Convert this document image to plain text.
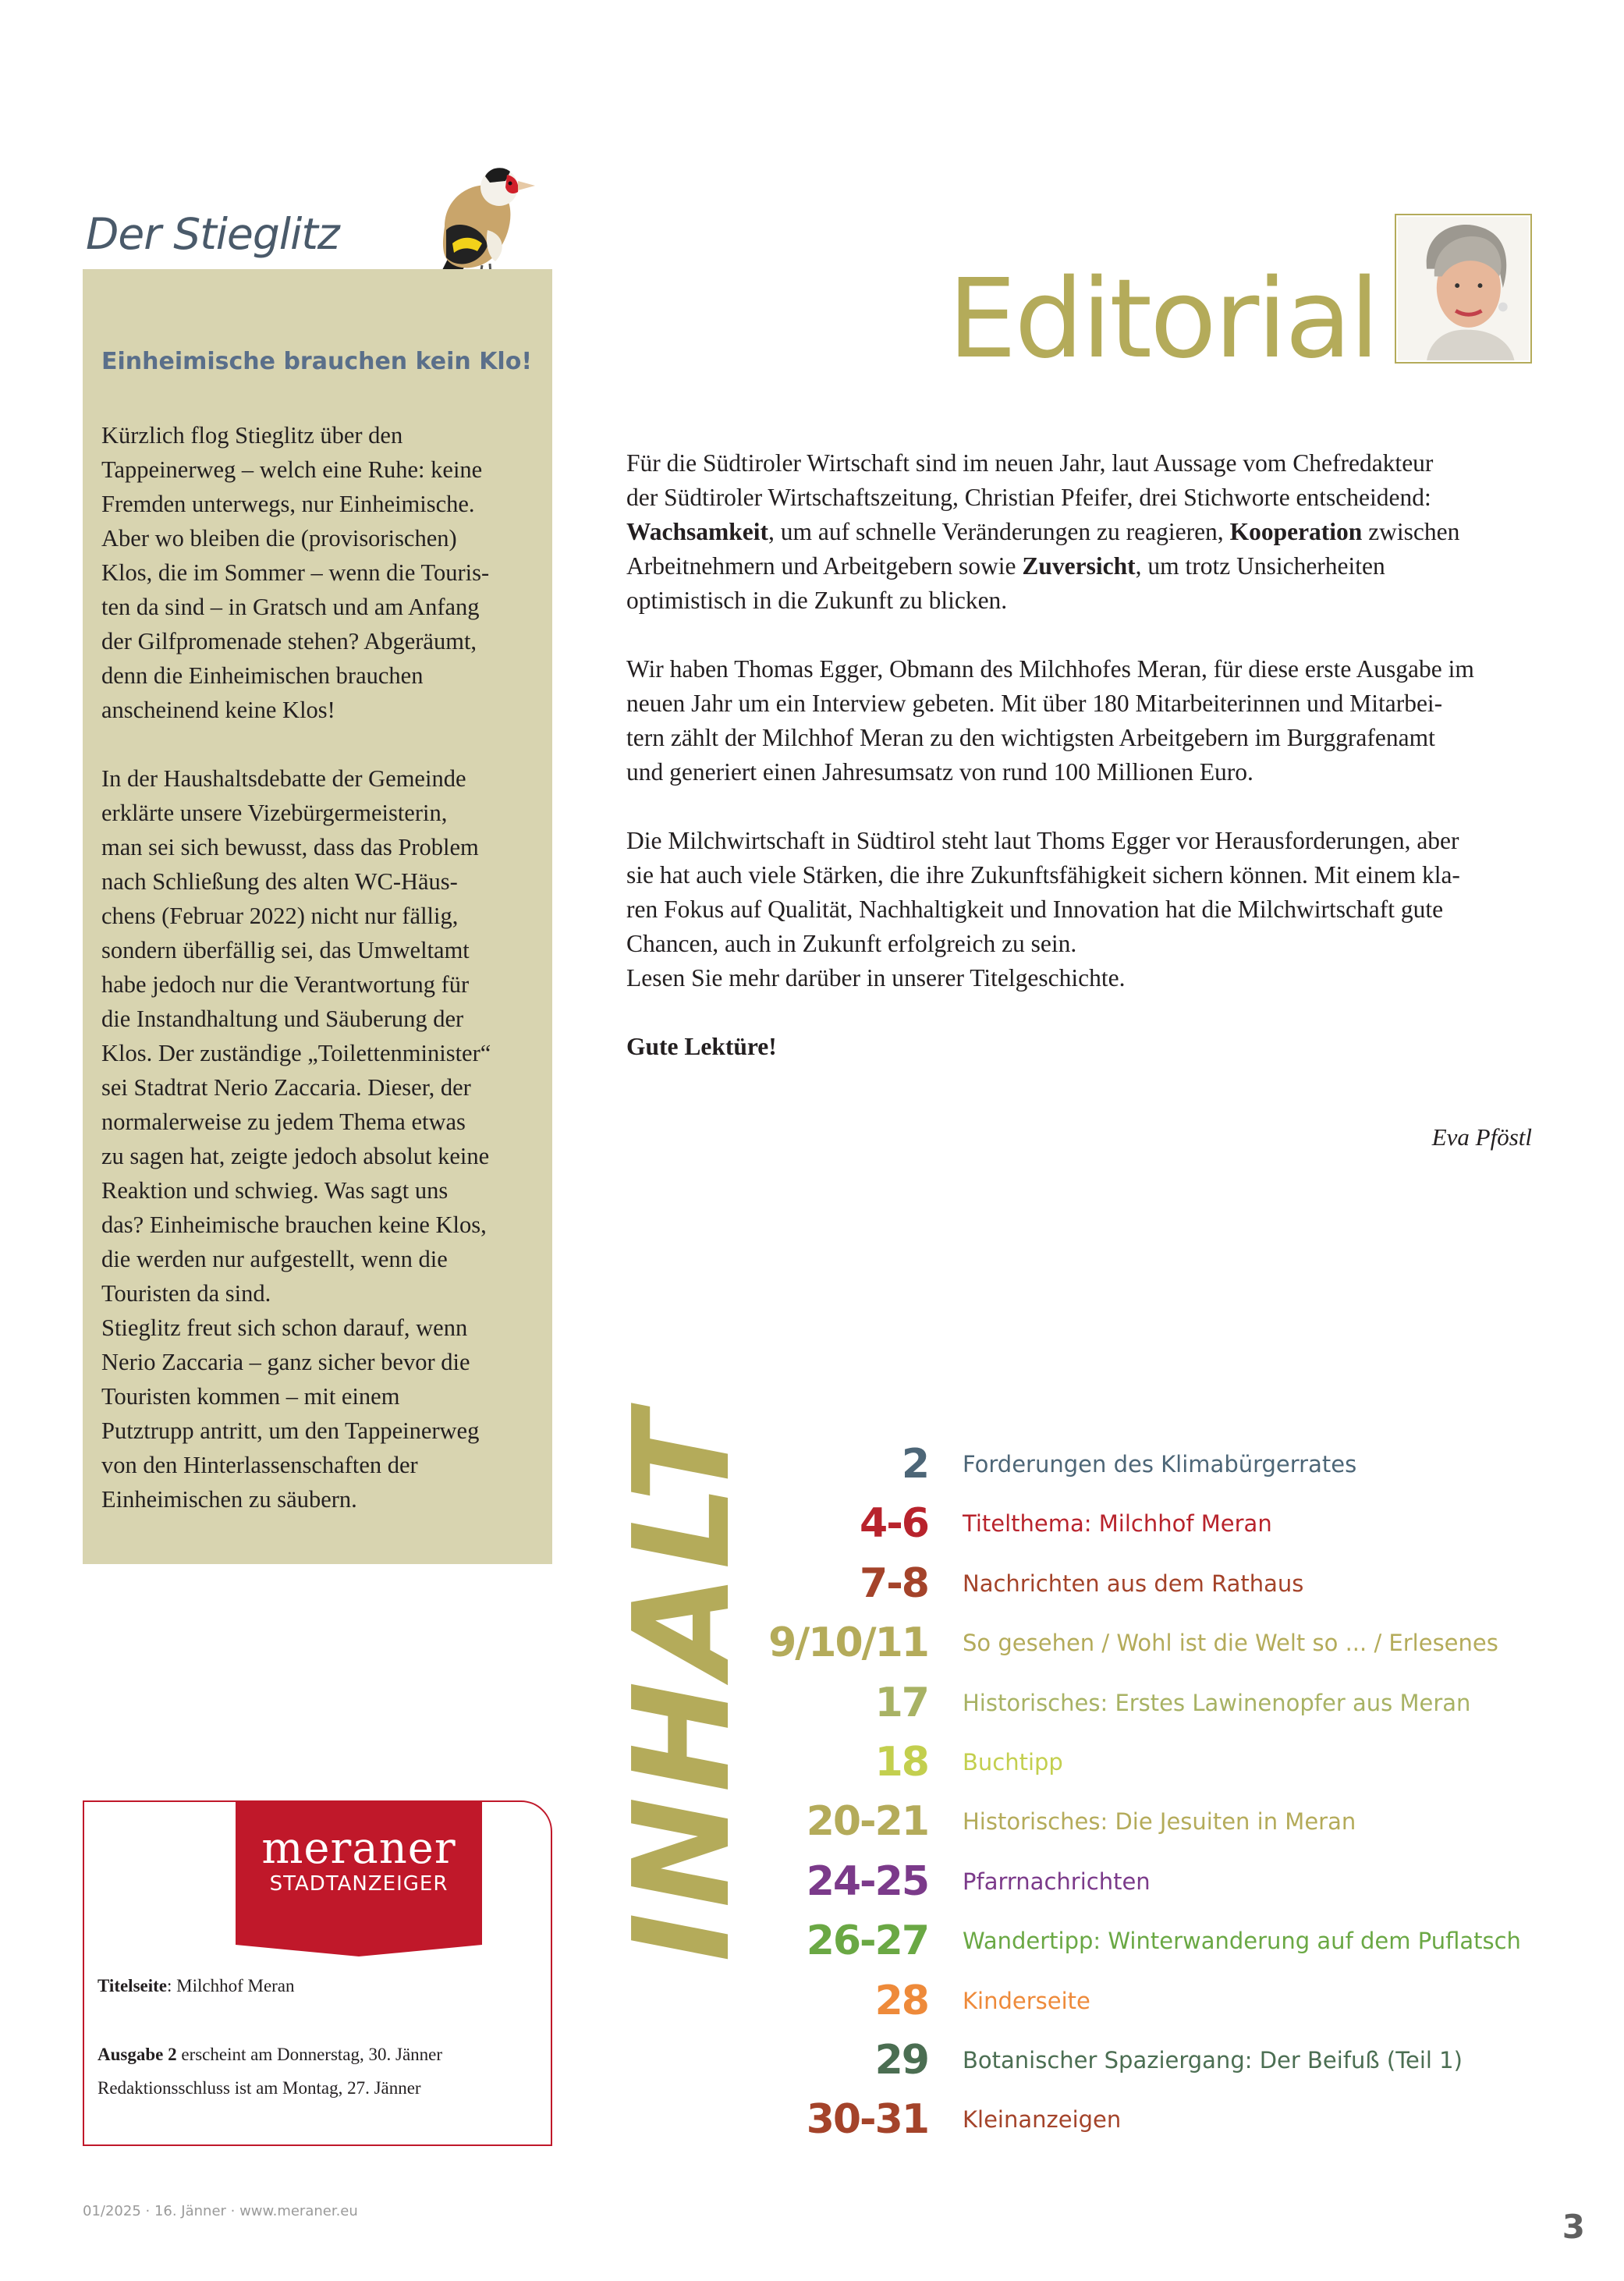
Der Stieglitz
Einheimische brauchen kein Klo!

Kürzlich flog Stieglitz über den

Tappeinerweg – welch eine Ruhe: keine

Fremden unterwegs, nur Einheimische.

Aber wo bleiben die (provisorischen)

Klos, die im Sommer – wenn die Touris-

ten da sind – in Gratsch und am Anfang

der Gilfpromenade stehen? Abgeräumt,

denn die Einheimischen brauchen

anscheinend keine Klos!

In der Haushaltsdebatte der Gemeinde

erklärte unsere Vizebürgermeisterin,

man sei sich bewusst, dass das Problem

nach Schließung des alten WC-Häus-

chens (Februar 2022) nicht nur fällig,

sondern überfällig sei, das Umweltamt

habe jedoch nur die Verantwortung für

die Instandhaltung und Säuberung der

Klos. Der zuständige „Toilettenminister“

sei Stadtrat Nerio Zaccaria. Dieser, der

normalerweise zu jedem Thema etwas

zu sagen hat, zeigte jedoch absolut keine

Reaktion und schwieg. Was sagt uns

das? Einheimische brauchen keine Klos,

die werden nur aufgestellt, wenn die

Touristen da sind.

Stieglitz freut sich schon darauf, wenn

Nerio Zaccaria – ganz sicher bevor die

Touristen kommen – mit einem

Putztrupp antritt, um den Tappeinerweg

von den Hinterlassenschaften der

Einheimischen zu säubern.

Editorial

Für die Südtiroler Wirtschaft sind im neuen Jahr, laut Aussage vom Chefredakteur

der Südtiroler Wirtschaftszeitung, Christian Pfeifer, drei Stichworte entscheidend:

Wachsamkeit, um auf schnelle Veränderungen zu reagieren, Kooperation zwischen

Arbeitnehmern und Arbeitgebern sowie Zuversicht, um trotz Unsicherheiten

optimistisch in die Zukunft zu blicken.

Wir haben Thomas Egger, Obmann des Milchhofes Meran, für diese erste Ausgabe im

neuen Jahr um ein Interview gebeten. Mit über 180 Mitarbeiterinnen und Mitarbei-

tern zählt der Milchhof Meran zu den wichtigsten Arbeitgebern im Burggrafenamt

und generiert einen Jahresumsatz von rund 100 Millionen Euro.

Die Milchwirtschaft in Südtirol steht laut Thoms Egger vor Herausforderungen, aber

sie hat auch viele Stärken, die ihre Zukunftsfähigkeit sichern können. Mit einem kla-

ren Fokus auf Qualität, Nachhaltigkeit und Innovation hat die Milchwirtschaft gute

Chancen, auch in Zukunft erfolgreich zu sein.

Lesen Sie mehr darüber in unserer Titelgeschichte.

Gute Lektüre!
Eva Pföstl
INHALT	2 Forderungen des Klimabürgerrates
4-6 Titelthema: Milchhof Meran
7-8 Nachrichten aus dem Rathaus
9/10/11 So gesehen / Wohl ist die Welt so ... / Erlesenes
17 Historisches: Erstes Lawinenopfer aus Meran
18 Buchtipp
20-21 Historisches: Die Jesuiten in Meran
24-25 Pfarrnachrichten
26-27 Wandertipp: Winterwanderung auf dem Puflatsch
28 Kinderseite
29 Botanischer Spaziergang: Der Beifuß (Teil 1)
30-31 Kleinanzeigen
meraner
STADTANZEIGER
Titelseite: Milchhof Meran
Ausgabe 2 erscheint am Donnerstag, 30. Jänner
Redaktionsschluss ist am Montag, 27. Jänner
01/2025 · 16. Jänner · www.meraner.eu	3
